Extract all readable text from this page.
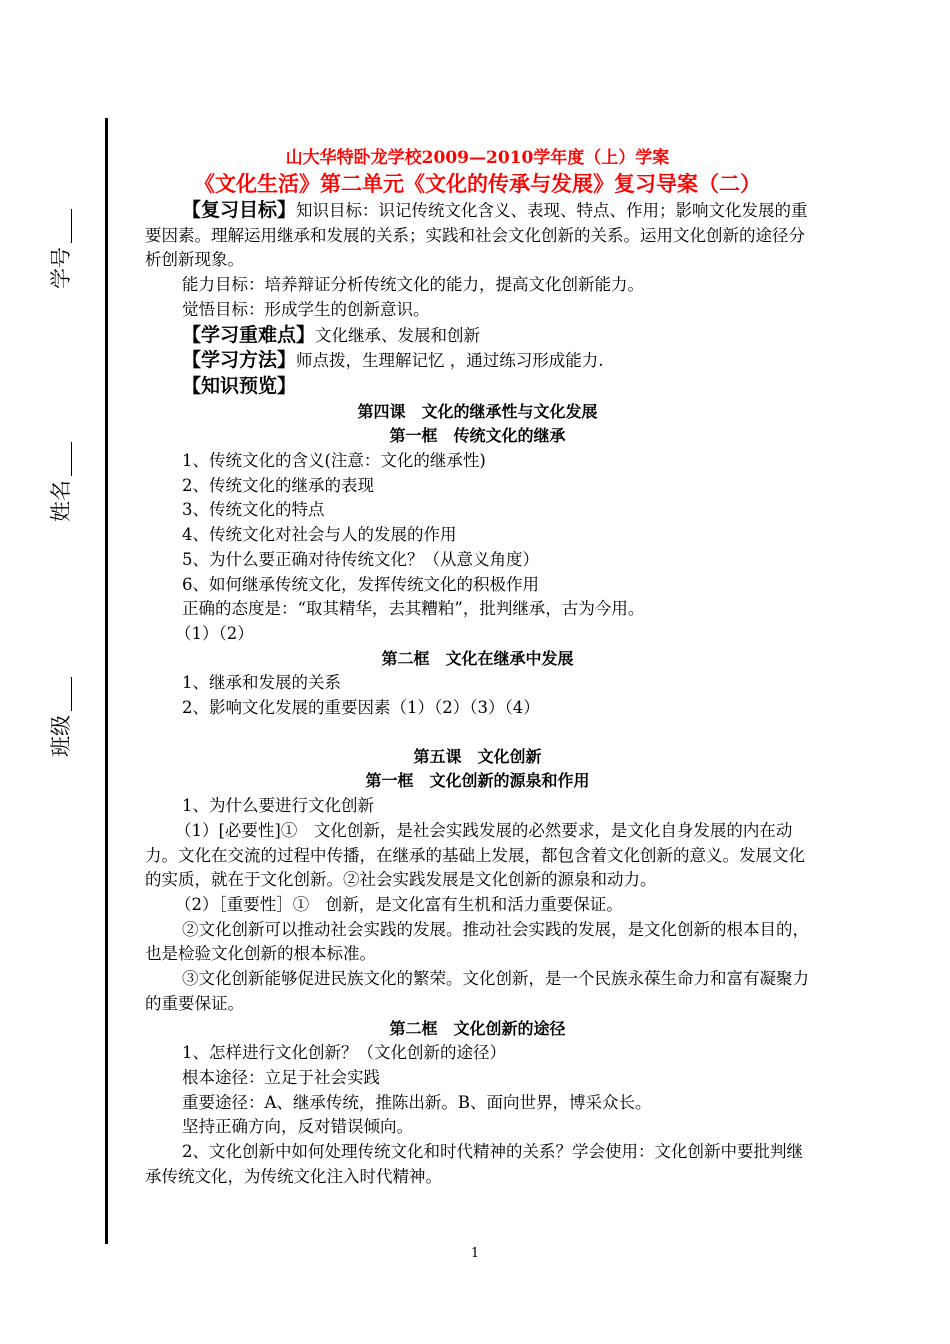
学号
姓名
班级

山大华特卧龙学校2009—2010学年度（上）学案

《文化生活》第二单元《文化的传承与发展》复习导案（二）

【复习目标】知识目标：识记传统文化含义、表现、特点、作用；影响文化发展的重要因素。理解运用继承和发展的关系；实践和社会文化创新的关系。运用文化创新的途径分析创新现象。

能力目标：培养辩证分析传统文化的能力，提高文化创新能力。

觉悟目标：形成学生的创新意识。

【学习重难点】文化继承、发展和创新

【学习方法】师点拨，生理解记忆 ，通过练习形成能力.

【知识预览】

第四课　文化的继承性与文化发展

第一框　传统文化的继承

1、传统文化的含义(注意：文化的继承性)

2、传统文化的继承的表现

3、传统文化的特点

4、传统文化对社会与人的发展的作用

5、为什么要正确对待传统文化？（从意义角度）

6、如何继承传统文化，发挥传统文化的积极作用

正确的态度是：“取其精华，去其糟粕”，批判继承，古为今用。

（1）（2）

第二框　文化在继承中发展

1、继承和发展的关系

2、影响文化发展的重要因素（1）（2）（3）（4）

第五课　文化创新

第一框　文化创新的源泉和作用

1、为什么要进行文化创新

（1）[必要性]①　文化创新，是社会实践发展的必然要求，是文化自身发展的内在动力。文化在交流的过程中传播，在继承的基础上发展，都包含着文化创新的意义。发展文化的实质，就在于文化创新。②社会实践发展是文化创新的源泉和动力。

（2）［重要性］①　创新，是文化富有生机和活力重要保证。

②文化创新可以推动社会实践的发展。推动社会实践的发展，是文化创新的根本目的，也是检验文化创新的根本标准。

③文化创新能够促进民族文化的繁荣。文化创新，是一个民族永葆生命力和富有凝聚力的重要保证。

第二框　文化创新的途径

1、怎样进行文化创新？（文化创新的途径）

根本途径：立足于社会实践

重要途径：A、继承传统，推陈出新。B、面向世界，博采众长。

坚持正确方向，反对错误倾向。

2、文化创新中如何处理传统文化和时代精神的关系？学会使用：文化创新中要批判继承传统文化，为传统文化注入时代精神。

1
